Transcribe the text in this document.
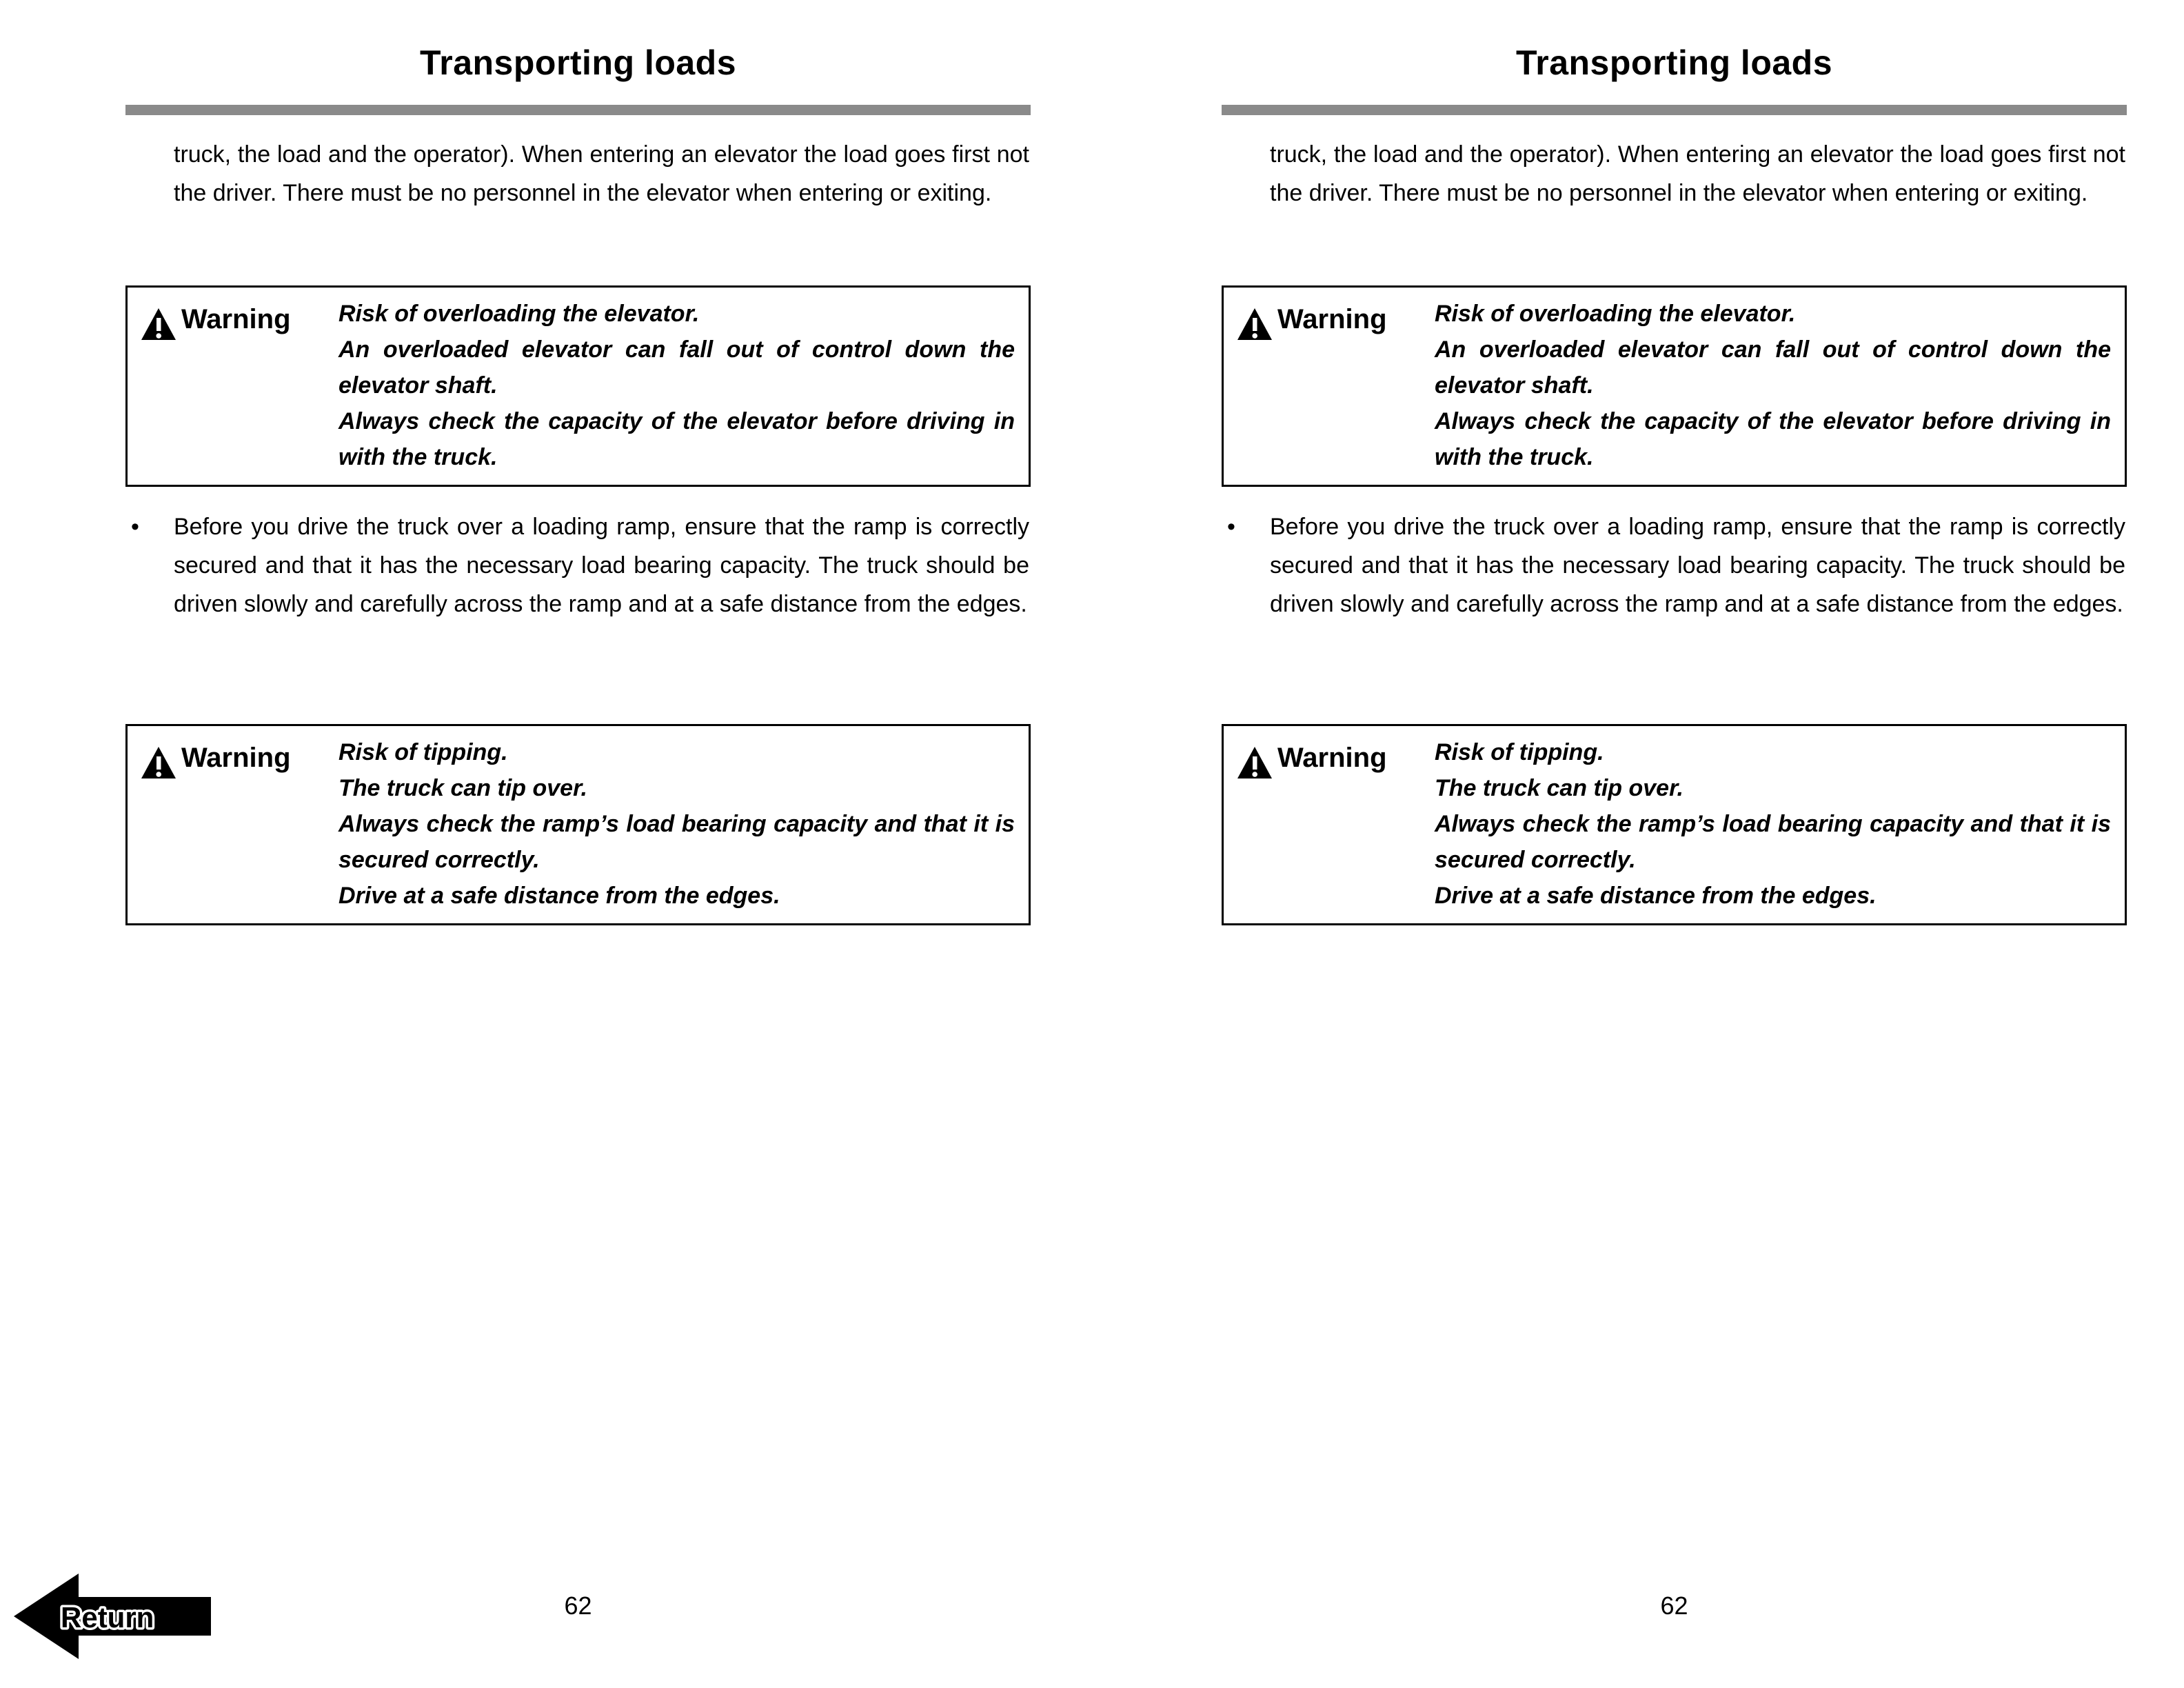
Transporting loads

truck, the load and the operator). When entering an elevator the load goes first not the driver. There must be no personnel in the elevator when entering or exiting.

Warning Risk of overloading the elevator.

An overloaded elevator can fall out of control down the elevator shaft.

Always check the capacity of the elevator before driving in with the truck.

•	Before you drive the truck over a loading ramp, ensure that the ramp is correctly secured and that it has the necessary load bearing capacity. The truck should be driven slowly and carefully across the ramp and at a safe distance from the edges.

Warning Risk of tipping.

The truck can tip over.

Always check the ramp’s load bearing capacity and that it is secured correctly.

Drive at a safe distance from the edges.

62
Transporting loads

truck, the load and the operator). When entering an elevator the load goes first not the driver. There must be no personnel in the elevator when entering or exiting.

Warning Risk of overloading the elevator.

An overloaded elevator can fall out of control down the elevator shaft.

Always check the capacity of the elevator before driving in with the truck.

•	Before you drive the truck over a loading ramp, ensure that the ramp is correctly secured and that it has the necessary load bearing capacity. The truck should be driven slowly and carefully across the ramp and at a safe distance from the edges.

Warning Risk of tipping.

The truck can tip over.

Always check the ramp’s load bearing capacity and that it is secured correctly.

Drive at a safe distance from the edges.

62
Return
